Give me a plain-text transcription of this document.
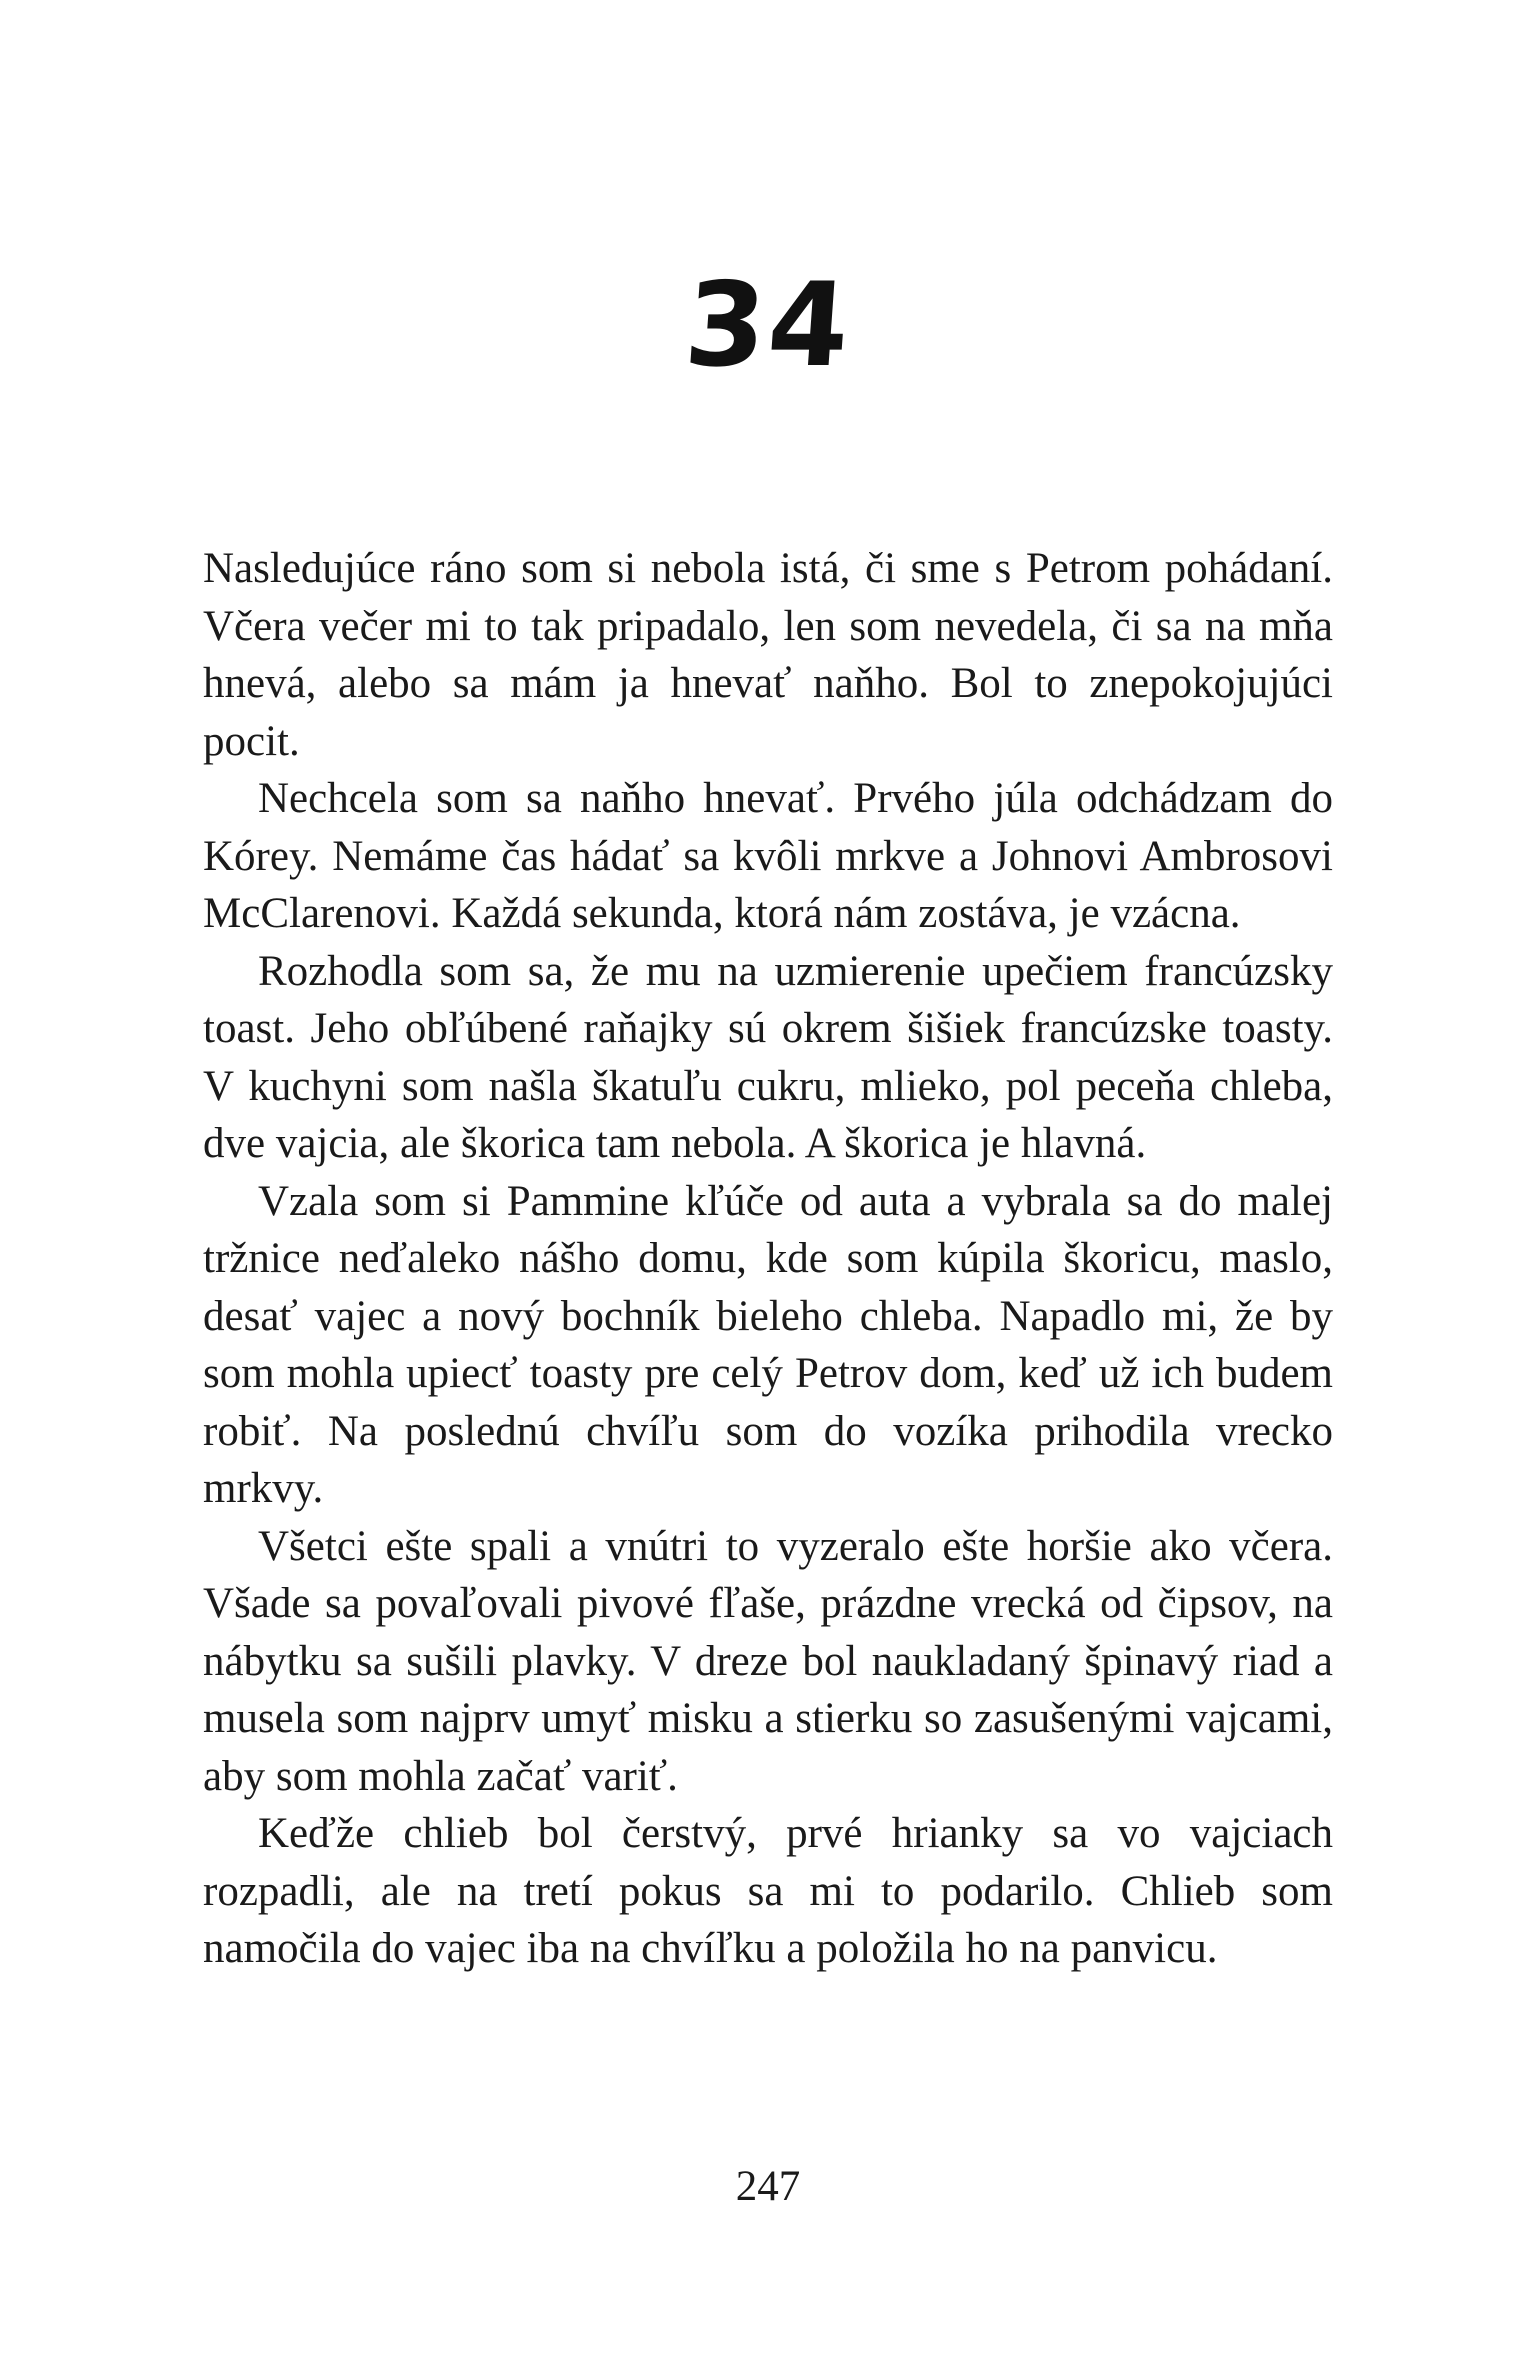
34

Nasledujúce ráno som si nebola istá, či sme s Petrom pohádaní. Včera večer mi to tak pripadalo, len som nevedela, či sa na mňa hnevá, alebo sa mám ja hnevať naňho. Bol to znepokojujúci pocit.

Nechcela som sa naňho hnevať. Prvého júla odchádzam do Kórey. Nemáme čas hádať sa kvôli mrkve a Johnovi Ambrosovi McClarenovi. Každá sekunda, ktorá nám zostáva, je vzácna.

Rozhodla som sa, že mu na uzmierenie upečiem francúzsky toast. Jeho obľúbené raňajky sú okrem šišiek francúzske toasty. V kuchyni som našla škatuľu cukru, mlieko, pol peceňa chleba, dve vajcia, ale škorica tam nebola. A škorica je hlavná.

Vzala som si Pammine kľúče od auta a vybrala sa do malej tržnice neďaleko nášho domu, kde som kúpila škoricu, maslo, desať vajec a nový bochník bieleho chleba. Napadlo mi, že by som mohla upiecť toasty pre celý Petrov dom, keď už ich budem robiť. Na poslednú chvíľu som do vozíka prihodila vrecko mrkvy.

Všetci ešte spali a vnútri to vyzeralo ešte horšie ako včera. Všade sa povaľovali pivové fľaše, prázdne vrecká od čipsov, na nábytku sa sušili plavky. V dreze bol naukladaný špinavý riad a musela som najprv umyť misku a stierku so zasušenými vajcami, aby som mohla začať variť.

Keďže chlieb bol čerstvý, prvé hrianky sa vo vajciach rozpadli, ale na tretí pokus sa mi to podarilo. Chlieb som namočila do vajec iba na chvíľku a položila ho na panvicu.

247
